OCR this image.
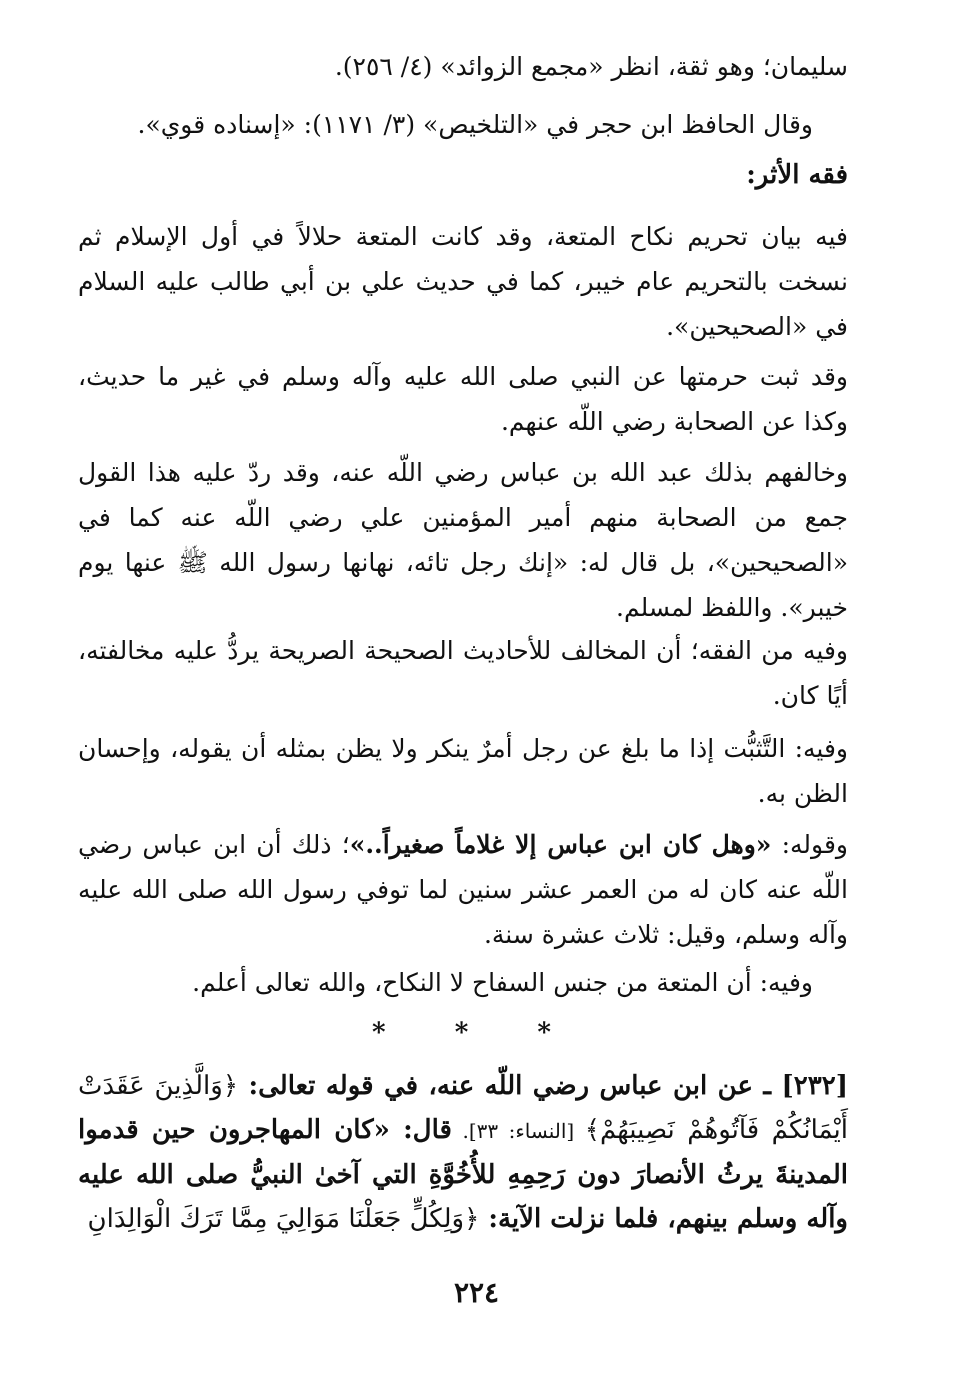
سليمان؛ وهو ثقة، انظر «مجمع الزوائد» (٤/ ٢٥٦).

وقال الحافظ ابن حجر في «التلخيص» (٣/ ١١٧١): «إسناده قوي».

فقه الأثر:

فيه بيان تحريم نكاح المتعة، وقد كانت المتعة حلالاً في أول الإسلام ثم نسخت بالتحريم عام خيبر، كما في حديث علي بن أبي طالب عليه السلام في «الصحيحين».

وقد ثبت حرمتها عن النبي صلى الله عليه وآله وسلم في غير ما حديث، وكذا عن الصحابة رضي اللّه عنهم.

وخالفهم بذلك عبد الله بن عباس رضي اللّه عنه، وقد ردّ عليه هذا القول جمع من الصحابة منهم أمير المؤمنين علي رضي اللّه عنه كما في «الصحيحين»، بل قال له: «إنك رجل تائه، نهانها رسول الله ﷺ عنها يوم خيبر». واللفظ لمسلم.

وفيه من الفقه؛ أن المخالف للأحاديث الصحيحة الصريحة يردُّ عليه مخالفته، أيًا كان.

وفيه: التَّثبُّت إذا ما بلغ عن رجل أمرٌ ينكر ولا يظن بمثله أن يقوله، وإحسان الظن به.

وقوله: «وهل كان ابن عباس إلا غلاماً صغيراً..»؛ ذلك أن ابن عباس رضي اللّه عنه كان له من العمر عشر سنين لما توفي رسول الله صلى الله عليه وآله وسلم، وقيل: ثلاث عشرة سنة.

وفيه: أن المتعة من جنس السفاح لا النكاح، والله تعالى أعلم.

* * *

[٢٣٢] ـ عن ابن عباس رضي اللّه عنه، في قوله تعالى: ﴿وَالَّذِينَ عَقَدَتْ أَيْمَانُكُمْ فَآتُوهُمْ نَصِيبَهُمْ﴾ [النساء: ٣٣]. قال: «كان المهاجرون حين قدموا المدينةَ يرثُ الأنصارَ دون رَحِمِهِ للأُخُوَّةِ التي آخىٰ النبيُّ صلى الله عليه وآله وسلم بينهم، فلما نزلت الآية: ﴿وَلِكُلٍّ جَعَلْنَا مَوَالِيَ مِمَّا تَرَكَ الْوَالِدَانِ

٢٢٤
